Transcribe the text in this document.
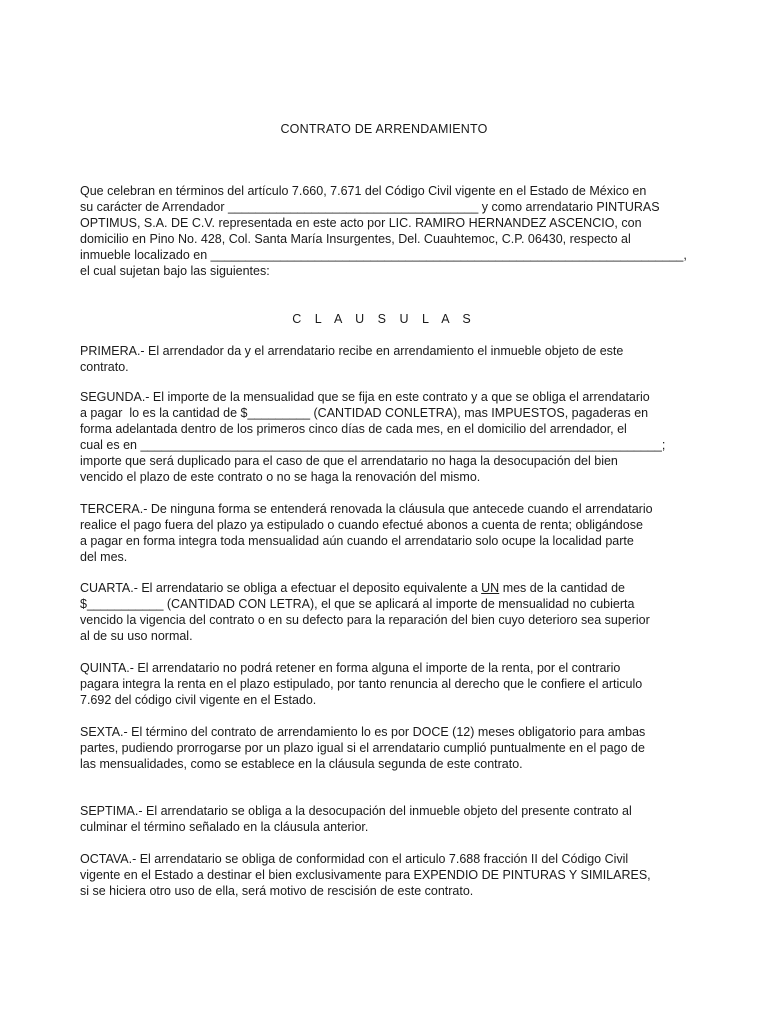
CONTRATO DE ARRENDAMIENTO
Que celebran en términos del artículo 7.660, 7.671 del Código Civil vigente en el Estado de México en
su carácter de Arrendador ____________________________________ y como arrendatario PINTURAS
OPTIMUS, S.A. DE C.V. representada en este acto por LIC. RAMIRO HERNANDEZ ASCENCIO, con
domicilio en Pino No. 428, Col. Santa María Insurgentes, Del. Cuauhtemoc, C.P. 06430, respecto al
inmueble localizado en ____________________________________________________________________,
el cual sujetan bajo las siguientes:
C L A U S U L A S
PRIMERA.- El arrendador da y el arrendatario recibe en arrendamiento el inmueble objeto de este
contrato.
SEGUNDA.- El importe de la mensualidad que se fija en este contrato y a que se obliga el arrendatario
a pagar  lo es la cantidad de $_________ (CANTIDAD CONLETRA), mas IMPUESTOS, pagaderas en
forma adelantada dentro de los primeros cinco días de cada mes, en el domicilio del arrendador, el
cual es en ___________________________________________________________________________;
importe que será duplicado para el caso de que el arrendatario no haga la desocupación del bien
vencido el plazo de este contrato o no se haga la renovación del mismo.
TERCERA.- De ninguna forma se entenderá renovada la cláusula que antecede cuando el arrendatario
realice el pago fuera del plazo ya estipulado o cuando efectué abonos a cuenta de renta; obligándose
a pagar en forma integra toda mensualidad aún cuando el arrendatario solo ocupe la localidad parte
del mes.
CUARTA.- El arrendatario se obliga a efectuar el deposito equivalente a UN mes de la cantidad de
$___________ (CANTIDAD CON LETRA), el que se aplicará al importe de mensualidad no cubierta
vencido la vigencia del contrato o en su defecto para la reparación del bien cuyo deterioro sea superior
al de su uso normal.
QUINTA.- El arrendatario no podrá retener en forma alguna el importe de la renta, por el contrario
pagara integra la renta en el plazo estipulado, por tanto renuncia al derecho que le confiere el articulo
7.692 del código civil vigente en el Estado.
SEXTA.- El término del contrato de arrendamiento lo es por DOCE (12) meses obligatorio para ambas
partes, pudiendo prorrogarse por un plazo igual si el arrendatario cumplió puntualmente en el pago de
las mensualidades, como se establece en la cláusula segunda de este contrato.
SEPTIMA.- El arrendatario se obliga a la desocupación del inmueble objeto del presente contrato al
culminar el término señalado en la cláusula anterior.
OCTAVA.- El arrendatario se obliga de conformidad con el articulo 7.688 fracción II del Código Civil
vigente en el Estado a destinar el bien exclusivamente para EXPENDIO DE PINTURAS Y SIMILARES,
si se hiciera otro uso de ella, será motivo de rescisión de este contrato.
